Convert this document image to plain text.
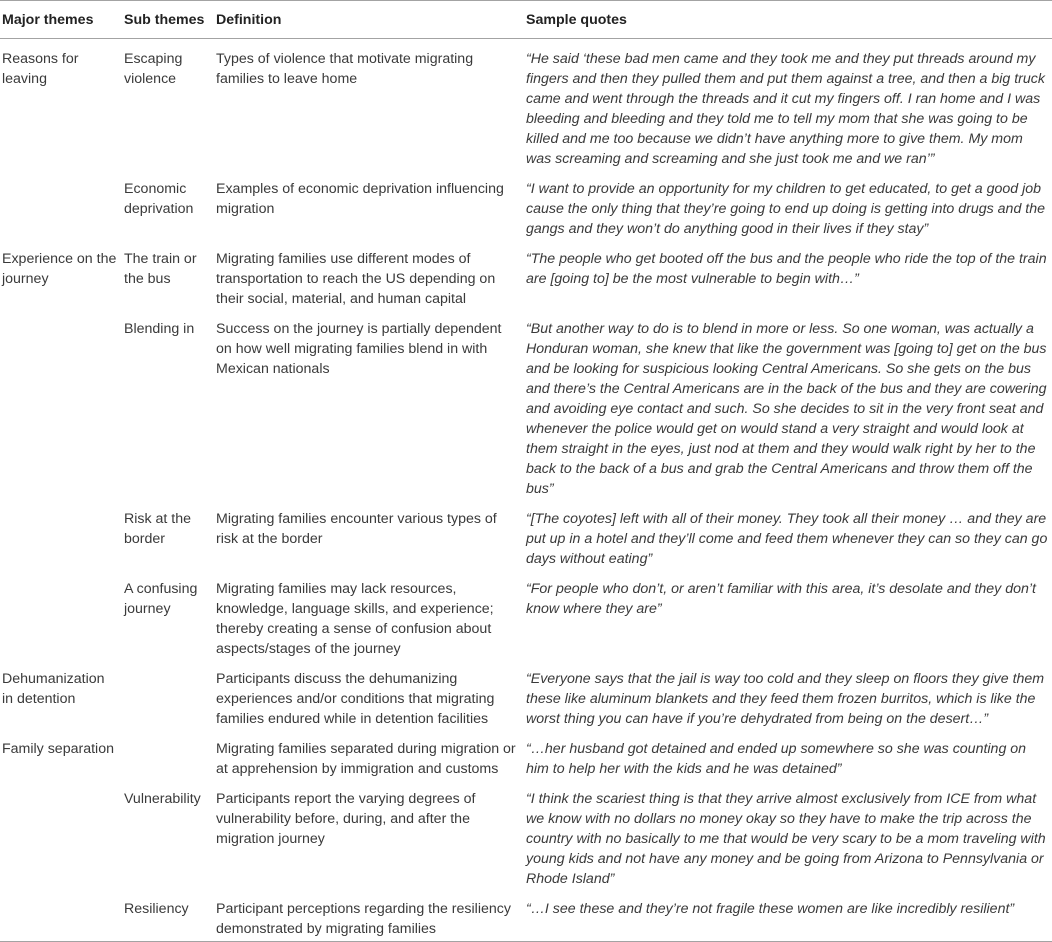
Major themes	Sub themes	Definition	Sample quotes
Reasons for leaving	Escaping violence	Types of violence that motivate migrating families to leave home	“He said ‘these bad men came and they took me and they put threads around my fingers and then they pulled them and put them against a tree, and then a big truck came and went through the threads and it cut my fingers off. I ran home and I was bleeding and bleeding and they told me to tell my mom that she was going to be killed and me too because we didn’t have anything more to give them. My mom was screaming and screaming and she just took me and we ran’”
	Economic deprivation	Examples of economic deprivation influencing migration	“I want to provide an opportunity for my children to get educated, to get a good job cause the only thing that they’re going to end up doing is getting into drugs and the gangs and they won’t do anything good in their lives if they stay”
Experience on the journey	The train or the bus	Migrating families use different modes of transportation to reach the US depending on their social, material, and human capital	“The people who get booted off the bus and the people who ride the top of the train are [going to] be the most vulnerable to begin with…”
	Blending in	Success on the journey is partially dependent on how well migrating families blend in with Mexican nationals	“But another way to do is to blend in more or less. So one woman, was actually a Honduran woman, she knew that like the government was [going to] get on the bus and be looking for suspicious looking Central Americans. So she gets on the bus and there’s the Central Americans are in the back of the bus and they are cowering and avoiding eye contact and such. So she decides to sit in the very front seat and whenever the police would get on would stand a very straight and would look at them straight in the eyes, just nod at them and they would walk right by her to the back to the back of a bus and grab the Central Americans and throw them off the bus”
	Risk at the border	Migrating families encounter various types of risk at the border	“[The coyotes] left with all of their money. They took all their money … and they are put up in a hotel and they’ll come and feed them whenever they can so they can go days without eating”
	A confusing journey	Migrating families may lack resources, knowledge, language skills, and experience; thereby creating a sense of confusion about aspects/stages of the journey	“For people who don’t, or aren’t familiar with this area, it’s desolate and they don’t know where they are”
Dehumanization in detention		Participants discuss the dehumanizing experiences and/or conditions that migrating families endured while in detention facilities	“Everyone says that the jail is way too cold and they sleep on floors they give them these like aluminum blankets and they feed them frozen burritos, which is like the worst thing you can have if you’re dehydrated from being on the desert…”
Family separation		Migrating families separated during migration or at apprehension by immigration and customs	“…her husband got detained and ended up somewhere so she was counting on him to help her with the kids and he was detained”
	Vulnerability	Participants report the varying degrees of vulnerability before, during, and after the migration journey	“I think the scariest thing is that they arrive almost exclusively from ICE from what we know with no dollars no money okay so they have to make the trip across the country with no basically to me that would be very scary to be a mom traveling with young kids and not have any money and be going from Arizona to Pennsylvania or Rhode Island”
	Resiliency	Participant perceptions regarding the resiliency demonstrated by migrating families	“…I see these and they’re not fragile these women are like incredibly resilient”
